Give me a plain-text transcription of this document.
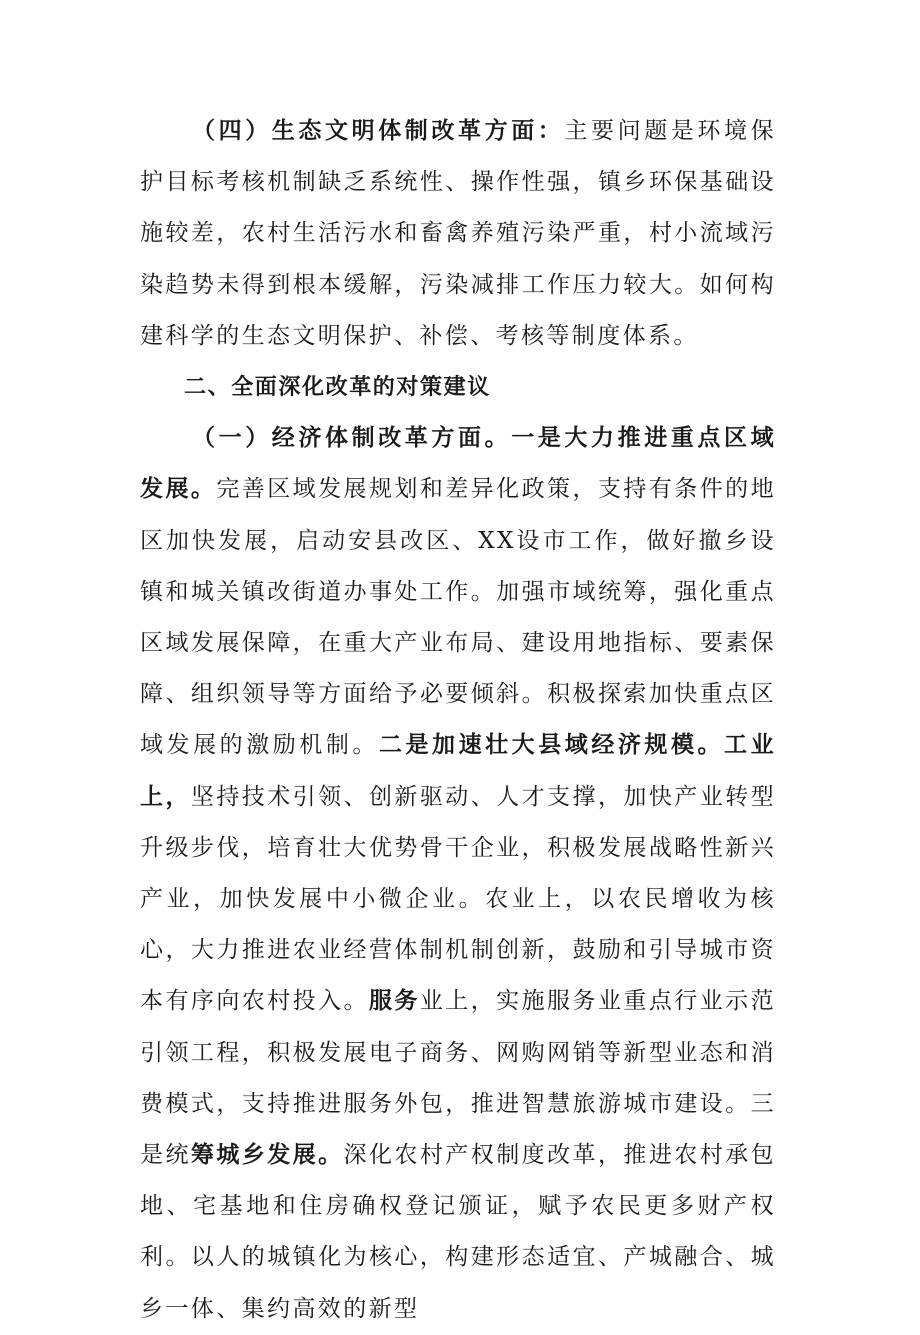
（四）生态文明体制改革方面：主要问题是环境保护目标考核机制缺乏系统性、操作性强，镇乡环保基础设施较差，农村生活污水和畜禽养殖污染严重，村小流域污染趋势未得到根本缓解，污染减排工作压力较大。如何构建科学的生态文明保护、补偿、考核等制度体系。

二、全面深化改革的对策建议

（一）经济体制改革方面。一是大力推进重点区域发展。完善区域发展规划和差异化政策，支持有条件的地区加快发展，启动安县改区、XX设市工作，做好撤乡设镇和城关镇改街道办事处工作。加强市域统筹，强化重点区域发展保障，在重大产业布局、建设用地指标、要素保障、组织领导等方面给予必要倾斜。积极探索加快重点区域发展的激励机制。二是加速壮大县域经济规模。工业上，坚持技术引领、创新驱动、人才支撑，加快产业转型升级步伐，培育壮大优势骨干企业，积极发展战略性新兴产业，加快发展中小微企业。农业上，以农民增收为核心，大力推进农业经营体制机制创新，鼓励和引导城市资本有序向农村投入。服务业上，实施服务业重点行业示范引领工程，积极发展电子商务、网购网销等新型业态和消费模式，支持推进服务外包，推进智慧旅游城市建设。三是统筹城乡发展。深化农村产权制度改革，推进农村承包地、宅基地和住房确权登记颁证，赋予农民更多财产权利。以人的城镇化为核心，构建形态适宜、产城融合、城乡一体、集约高效的新型
